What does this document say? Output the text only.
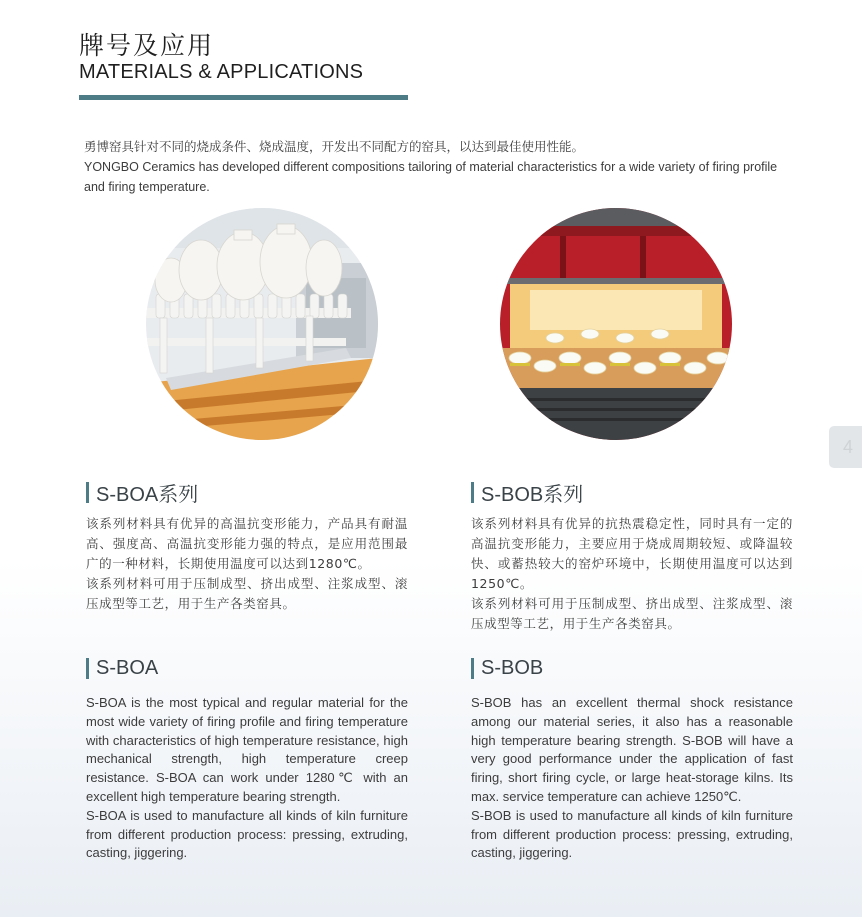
牌号及应用
MATERIALS & APPLICATIONS

勇博窑具针对不同的烧成条件、烧成温度，开发出不同配方的窑具，以达到最佳使用性能。

YONGBO Ceramics has developed different compositions tailoring of material characteristics for a wide variety of firing profile and firing temperature.

4
S-BOA系列

该系列材料具有优异的高温抗变形能力，产品具有耐温高、强度高、高温抗变形能力强的特点，是应用范围最广的一种材料，长期使用温度可以达到1280℃。

该系列材料可用于压制成型、挤出成型、注浆成型、滚压成型等工艺，用于生产各类窑具。

S-BOA

S-BOA is the most typical and regular material for the most wide variety of firing profile and firing temperature with characteristics of high temperature resistance, high mechanical strength, high temperature creep resistance. S-BOA can work under 1280℃ with an excellent high temperature bearing strength.

S-BOA is used to manufacture all kinds of kiln furniture from different production process: pressing, extruding, casting, jiggering.

S-BOB系列

该系列材料具有优异的抗热震稳定性，同时具有一定的高温抗变形能力，主要应用于烧成周期较短、或降温较快、或蓄热较大的窑炉环境中，长期使用温度可以达到1250℃。

该系列材料可用于压制成型、挤出成型、注浆成型、滚压成型等工艺，用于生产各类窑具。

S-BOB

S-BOB has an excellent thermal shock resistance among our material series, it also has a reasonable high temperature bearing strength. S-BOB will have a very good performance under the application of fast firing, short firing cycle, or large heat-storage kilns. Its max. service temperature can achieve 1250℃.

S-BOB is used to manufacture all kinds of kiln furniture from different production process: pressing, extruding, casting, jiggering.
